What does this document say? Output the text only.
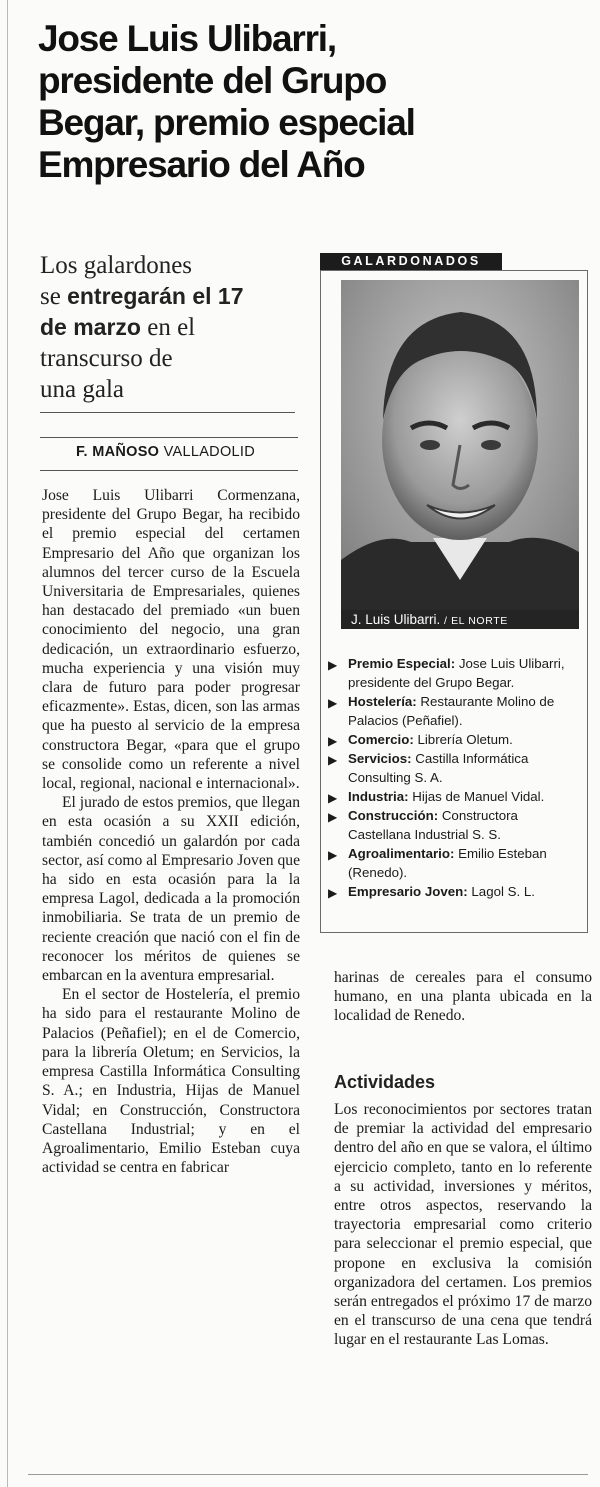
Jose Luis Ulibarri,
presidente del Grupo
Begar, premio especial
Empresario del Año

Los galardones
se entregarán el 17
de marzo en el
transcurso de
una gala

F. MAÑOSO VALLADOLID

Jose Luis Ulibarri Cormenzana, presidente del Grupo Begar, ha recibido el premio especial del certamen Empresario del Año que organizan los alumnos del tercer curso de la Escuela Universitaria de Empresariales, quienes han destacado del premiado «un buen conocimiento del negocio, una gran dedicación, un extraordinario esfuerzo, mucha experiencia y una visión muy clara de futuro para poder progresar eficazmente». Estas, dicen, son las armas que ha puesto al servicio de la empresa constructora Begar, «para que el grupo se consolide como un referente a nivel local, regional, nacional e internacional».

El jurado de estos premios, que llegan en esta ocasión a su XXII edición, también concedió un galardón por cada sector, así como al Empresario Joven que ha sido en esta ocasión para la la empresa Lagol, dedicada a la promoción inmobiliaria. Se trata de un premio de reciente creación que nació con el fin de reconocer los méritos de quienes se embarcan en la aventura empresarial.

En el sector de Hostelería, el premio ha sido para el restaurante Molino de Palacios (Peñafiel); en el de Comercio, para la librería Oletum; en Servicios, la empresa Castilla Informática Consulting S. A.; en Industria, Hijas de Manuel Vidal; en Construcción, Constructora Castellana Industrial; y en el Agroalimentario, Emilio Esteban cuya actividad se centra en fabricar

GALARDONADOS
J. Luis Ulibarri. / EL NORTE
▶ Premio Especial: Jose Luis Ulibarri, presidente del Grupo Begar.
▶ Hostelería: Restaurante Molino de Palacios (Peñafiel).
▶ Comercio: Librería Oletum.
▶ Servicios: Castilla Informática Consulting S. A.
▶ Industria: Hijas de Manuel Vidal.
▶ Construcción: Constructora Castellana Industrial S. S.
▶ Agroalimentario: Emilio Esteban (Renedo).
▶ Empresario Joven: Lagol S. L.

harinas de cereales para el consumo humano, en una planta ubicada en la localidad de Renedo.

Actividades

Los reconocimientos por sectores tratan de premiar la actividad del empresario dentro del año en que se valora, el último ejercicio completo, tanto en lo referente a su actividad, inversiones y méritos, entre otros aspectos, reservando la trayectoria empresarial como criterio para seleccionar el premio especial, que propone en exclusiva la comisión organizadora del certamen. Los premios serán entregados el próximo 17 de marzo en el transcurso de una cena que tendrá lugar en el restaurante Las Lomas.
